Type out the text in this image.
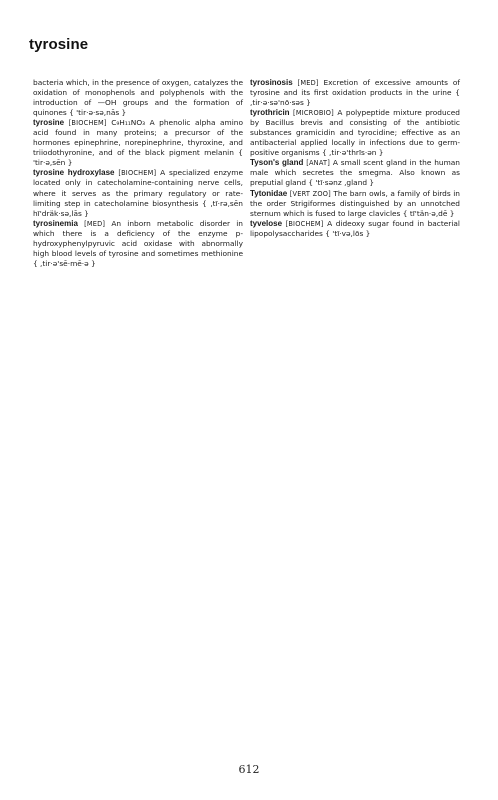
tyrosine

bacteria which, in the presence of oxygen, catalyzes the oxidation of monophenols and polyphenols with the introduction of —OH groups and the formation of quinones { 'tir·ə·sə,nās }

tyrosine [BIOCHEM] C₉H₁₁NO₃ A phenolic alpha amino acid found in many proteins; a precursor of the hormones epinephrine, norepinephrine, thyroxine, and triiodothyronine, and of the black pigment melanin { 'tir·ə,sēn }

tyrosine hydroxylase [BIOCHEM] A specialized enzyme located only in catecholamine-containing nerve cells, where it serves as the primary regulatory or rate-limiting step in catecholamine biosynthesis { ,tī·rə,sēn hī'dräk·sə,lās }

tyrosinemia [MED] An inborn metabolic disorder in which there is a deficiency of the enzyme p-hydroxyphenylpyruvic acid oxidase with abnormally high blood levels of tyrosine and sometimes methionine { ,tir·ə'sē·mē·ə }

tyrosinosis [MED] Excretion of excessive amounts of tyrosine and its first oxidation products in the urine { ,tir·ə·sə'nō·səs }

tyrothricin [MICROBIO] A polypeptide mixture produced by Bacillus brevis and consisting of the antibiotic substances gramicidin and tyrocidine; effective as an antibacterial applied locally in infections due to germ-positive organisms { ,tir·ə'thrīs·ən }

Tyson's gland [ANAT] A small scent gland in the human male which secretes the smegma. Also known as preputial gland { 'tī·sənz ,gland }

Tytonidae [VERT ZOO] The barn owls, a family of birds in the order Strigiformes distinguished by an unnotched sternum which is fused to large clavicles { tī'tän·ə,dē }

tyvelose [BIOCHEM] A dideoxy sugar found in bacterial lipopolysaccharides { 'tī·və,lōs }

612
